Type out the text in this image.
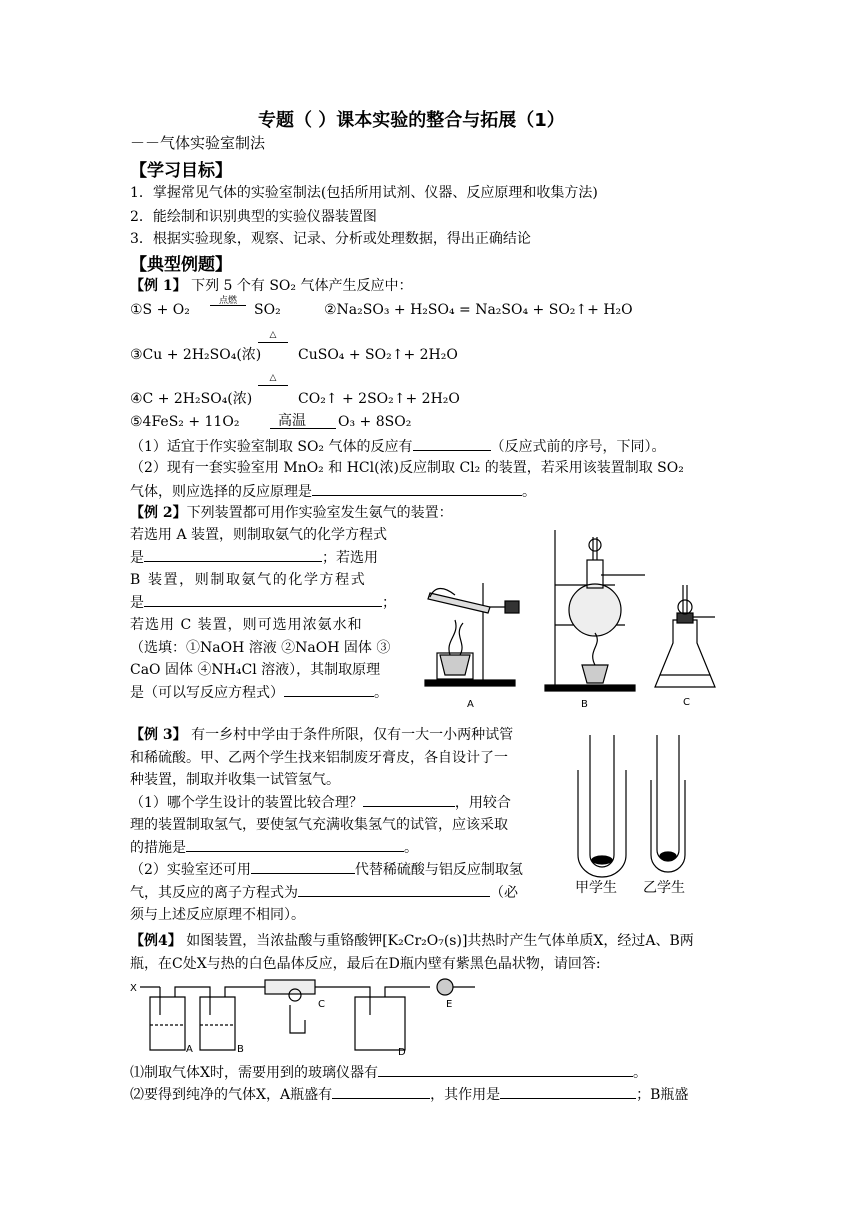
专题（ ）课本实验的整合与拓展（1）
－－气体实验室制法
【学习目标】
1．掌握常见气体的实验室制法(包括所用试剂、仪器、反应原理和收集方法)
2．能绘制和识别典型的实验仪器装置图
3．根据实验现象，观察、记录、分析或处理数据，得出正确结论
【典型例题】
【例 1】 下列 5 个有 SO₂ 气体产生反应中：
①S + O₂
点燃
SO₂	②Na₂SO₃ + H₂SO₄ = Na₂SO₄ + SO₂↑+ H₂O
△
③Cu + 2H₂SO₄(浓)	CuSO₄ + SO₂↑+ 2H₂O
△
④C + 2H₂SO₄(浓)	CO₂↑ + 2SO₂↑+ 2H₂O
⑤4FeS₂ + 11O₂	高温 O₃ + 8SO₂
（1）适宜于作实验室制取 SO₂ 气体的反应有	（反应式前的序号，下同）。
（2）现有一套实验室用 MnO₂ 和 HCl(浓)反应制取 Cl₂ 的装置，若采用该装置制取 SO₂
气体，则应选择的反应原理是	。
【例 2】下列装置都可用作实验室发生氨气的装置：
若选用 A 装置，则制取氨气的化学方程式
是	；若选用
B 装置，则制取氨气的化学方程式
是	；
若选用 C 装置，则可选用浓氨水和
（选填：①NaOH 溶液 ②NaOH 固体 ③
CaO 固体 ④NH₄Cl 溶液），其制取原理
是（可以写反应方程式）	。
A	B	C
【例 3】 有一乡村中学由于条件所限，仅有一大一小两种试管
和稀硫酸。甲、乙两个学生找来铝制废牙膏皮，各自设计了一
种装置，制取并收集一试管氢气。
（1）哪个学生设计的装置比较合理？	，用较合
理的装置制取氢气，要使氢气充满收集氢气的试管，应该采取
的措施是	。
（2）实验室还可用	代替稀硫酸与铝反应制取氢
气，其反应的离子方程式为	（必
须与上述反应原理不相同）。
甲学生 乙学生
【例4】 如图装置，当浓盐酸与重铬酸钾[K₂Cr₂O₇(s)]共热时产生气体单质X，经过A、B两
瓶，在C处X与热的白色晶体反应，最后在D瓶内壁有紫黑色晶状物，请回答:
X
A	B
C
D
E
⑴制取气体X时，需要用到的玻璃仪器有	。
⑵要得到纯净的气体X，A瓶盛有	，其作用是	；B瓶盛
